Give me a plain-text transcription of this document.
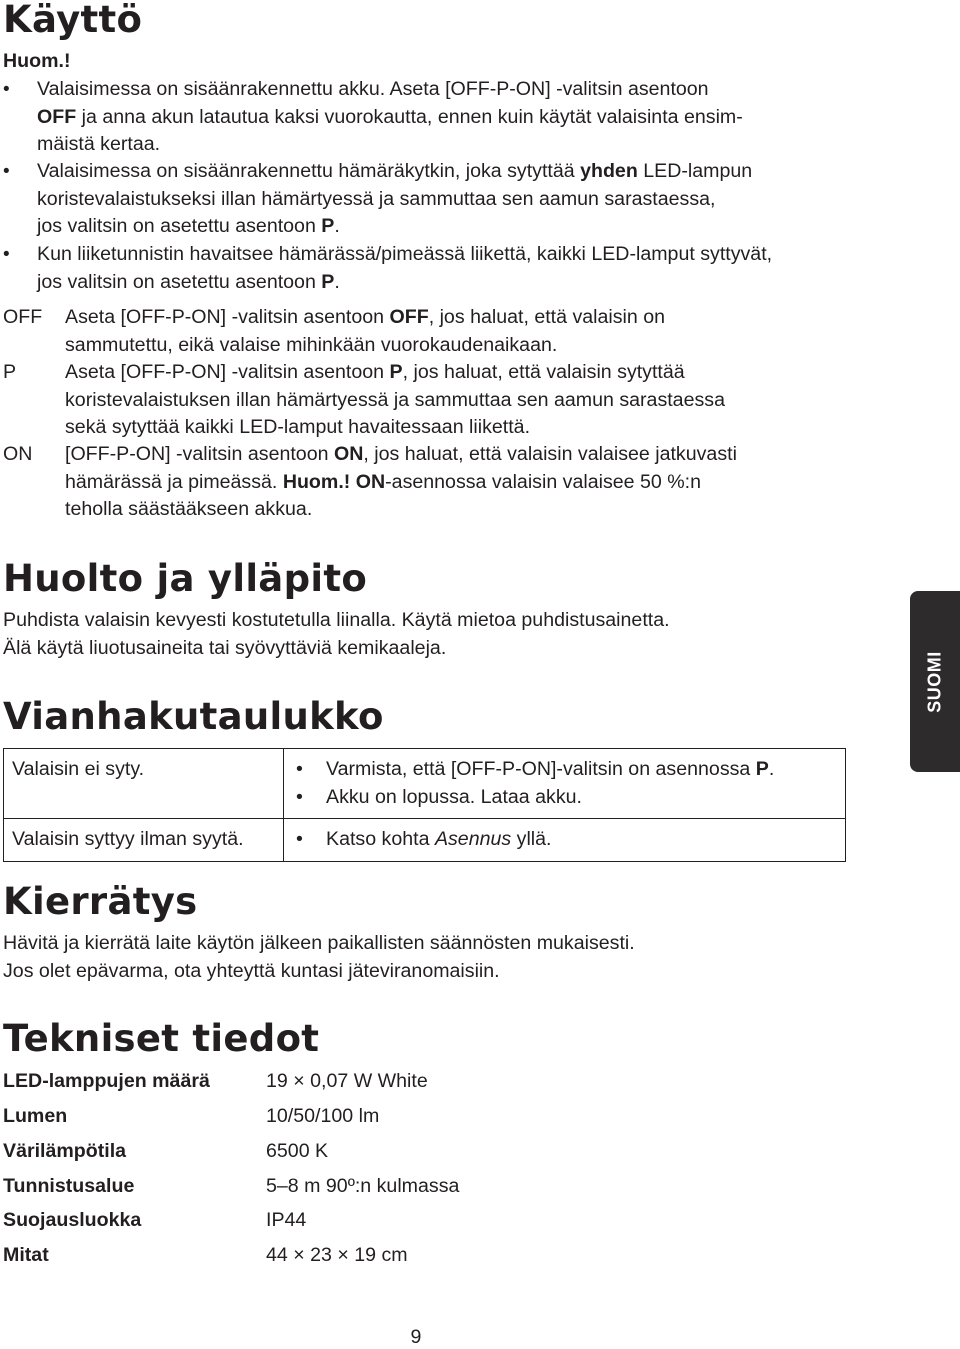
Käyttö
Huom.!
• Valaisimessa on sisäänrakennettu akku. Aseta [OFF-P-ON] -valitsin asentoon
OFF ja anna akun latautua kaksi vuorokautta, ennen kuin käytät valaisinta ensim-
mäistä kertaa.
• Valaisimessa on sisäänrakennettu hämäräkytkin, joka sytyttää yhden LED-lampun
koristevalaistukseksi illan hämärtyessä ja sammuttaa sen aamun sarastaessa,
jos valitsin on asetettu asentoon P.
• Kun liiketunnistin havaitsee hämärässä/pimeässä liikettä, kaikki LED-lamput syttyvät,
jos valitsin on asetettu asentoon P.
OFF Aseta [OFF-P-ON] -valitsin asentoon OFF, jos haluat, että valaisin on
sammutettu, eikä valaise mihinkään vuorokaudenaikaan.
P Aseta [OFF-P-ON] -valitsin asentoon P, jos haluat, että valaisin sytyttää
koristevalaistuksen illan hämärtyessä ja sammuttaa sen aamun sarastaessa
sekä sytyttää kaikki LED-lamput havaitessaan liikettä.
ON [OFF-P-ON] -valitsin asentoon ON, jos haluat, että valaisin valaisee jatkuvasti
hämärässä ja pimeässä. Huom.! ON-asennossa valaisin valaisee 50 %:n
teholla säästääkseen akkua.
Huolto ja ylläpito
Puhdista valaisin kevyesti kostutetulla liinalla. Käytä mietoa puhdistusainetta.
Älä käytä liuotusaineita tai syövyttäviä kemikaaleja.
Vianhakutaulukko
Valaisin ei syty.	• Varmista, että [OFF-P-ON]-valitsin on asennossa P.
• Akku on lopussa. Lataa akku.

Valaisin syttyy ilman syytä.	• Katso kohta Asennus yllä.
Kierrätys
Hävitä ja kierrätä laite käytön jälkeen paikallisten säännösten mukaisesti.
Jos olet epävarma, ota yhteyttä kuntasi jäteviranomaisiin.
Tekniset tiedot
LED-lamppujen määrä	19 × 0,07 W White
Lumen	10/50/100 lm
Värilämpötila	6500 K
Tunnistusalue	5–8 m 90º:n kulmassa
Suojausluokka	IP44
Mitat	44 × 23 × 19 cm
SUOMI
9
